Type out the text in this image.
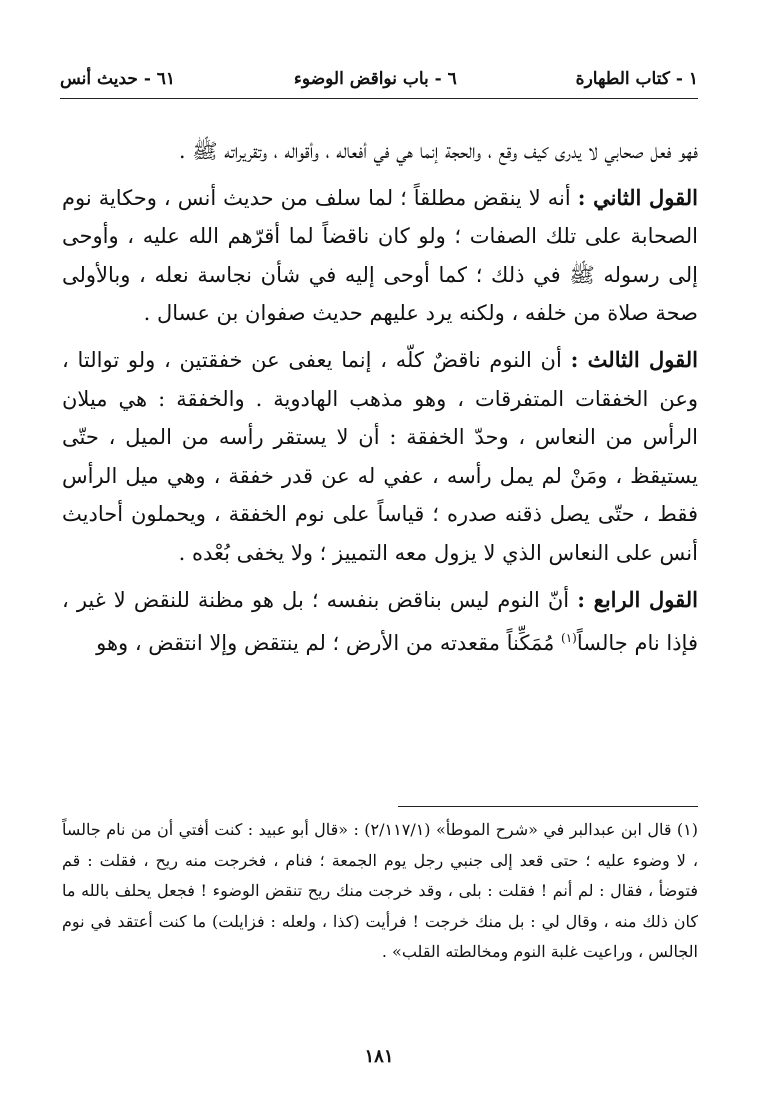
١ - كتاب الطهارة
٦ - باب نواقض الوضوء
٦١ - حديث أنس

فهو فعل صحابي لا يدرى كيف وقع ، والحجة إنما هي في أفعاله ، وأقواله ، وتقريراته ﷺ .

القول الثاني : أنه لا ينقض مطلقاً ؛ لما سلف من حديث أنس ، وحكاية نوم الصحابة على تلك الصفات ؛ ولو كان ناقضاً لما أقرّهم الله عليه ، وأوحى إلى رسوله ﷺ في ذلك ؛ كما أوحى إليه في شأن نجاسة نعله ، وبالأولى صحة صلاة من خلفه ، ولكنه يرد عليهم حديث صفوان بن عسال .

القول الثالث : أن النوم ناقضٌ كلّه ، إنما يعفى عن خفقتين ، ولو توالتا ، وعن الخفقات المتفرقات ، وهو مذهب الهادوية . والخفقة : هي ميلان الرأس من النعاس ، وحدّ الخفقة : أن لا يستقر رأسه من الميل ، حتّى يستيقظ ، ومَنْ لم يمل رأسه ، عفي له عن قدر خفقة ، وهي ميل الرأس فقط ، حتّى يصل ذقنه صدره ؛ قياساً على نوم الخفقة ، ويحملون أحاديث أنس على النعاس الذي لا يزول معه التمييز ؛ ولا يخفى بُعْده .

القول الرابع : أنّ النوم ليس بناقض بنفسه ؛ بل هو مظنة للنقض لا غير ، فإذا نام جالساً$^{(١)}$ مُمَكِّناً مقعدته من الأرض ؛ لم ينتقض وإلا انتقض ، وهو

(١) قال ابن عبدالبر في «شرح الموطأ» (٢/١١٧/١) : «قال أبو عبيد : كنت أفتي أن من نام جالساً ، لا وضوء عليه ؛ حتى قعد إلى جنبي رجل يوم الجمعة ؛ فنام ، فخرجت منه ريح ، فقلت : قم فتوضأ ، فقال : لم أنم ! فقلت : بلى ، وقد خرجت منك ريح تنقض الوضوء ! فجعل يحلف بالله ما كان ذلك منه ، وقال لي : بل منك خرجت ! فرأيت (كذا ، ولعله : فزايلت) ما كنت أعتقد في نوم الجالس ، وراعيت غلبة النوم ومخالطته القلب» .

١٨١
